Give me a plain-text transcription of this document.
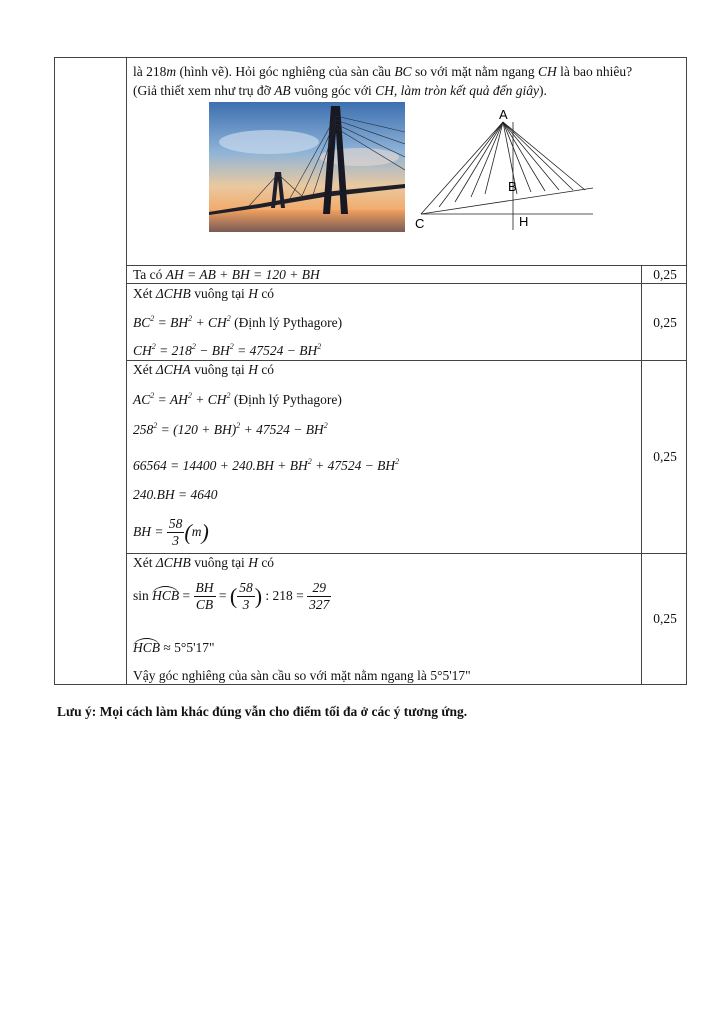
là 218m (hình vẽ). Hỏi góc nghiêng của sàn cầu BC so với mặt nằm ngang CH là bao nhiêu?
(Giả thiết xem như trụ đỡ AB vuông góc với CH, làm tròn kết quả đến giây).
A
B
C	H
Ta có AH = AB + BH = 120 + BH	0,25
Xét ΔCHB vuông tại H có
$BC^2 = BH^2 + CH^2$ (Định lý Pythagore)
$CH^2 = 218^2 - BH^2 = 47524 - BH^2$
0,25
Xét ΔCHA vuông tại H có
$AC^2 = AH^2 + CH^2$ (Định lý Pythagore)
$258^2 = (120 + BH)^2 + 47524 - BH^2$
$66564 = 14400 + 240.BH + BH^2 + 47524 - BH^2$
240.BH = 4640
BH = $\frac{58}{3} (m)$
0,25
Xét ΔCHB vuông tại H có
sin HCB = $\frac{BH}{CB}$ = ( $\frac{58}{3}$ ) : $218 = \frac{29}{327}$
HCB ≈ 5°5'17"
Vậy góc nghiêng của sàn cầu so với mặt nằm ngang là 5°5'17"
0,25
Lưu ý: Mọi cách làm khác đúng vẫn cho điểm tối đa ở các ý tương ứng.
